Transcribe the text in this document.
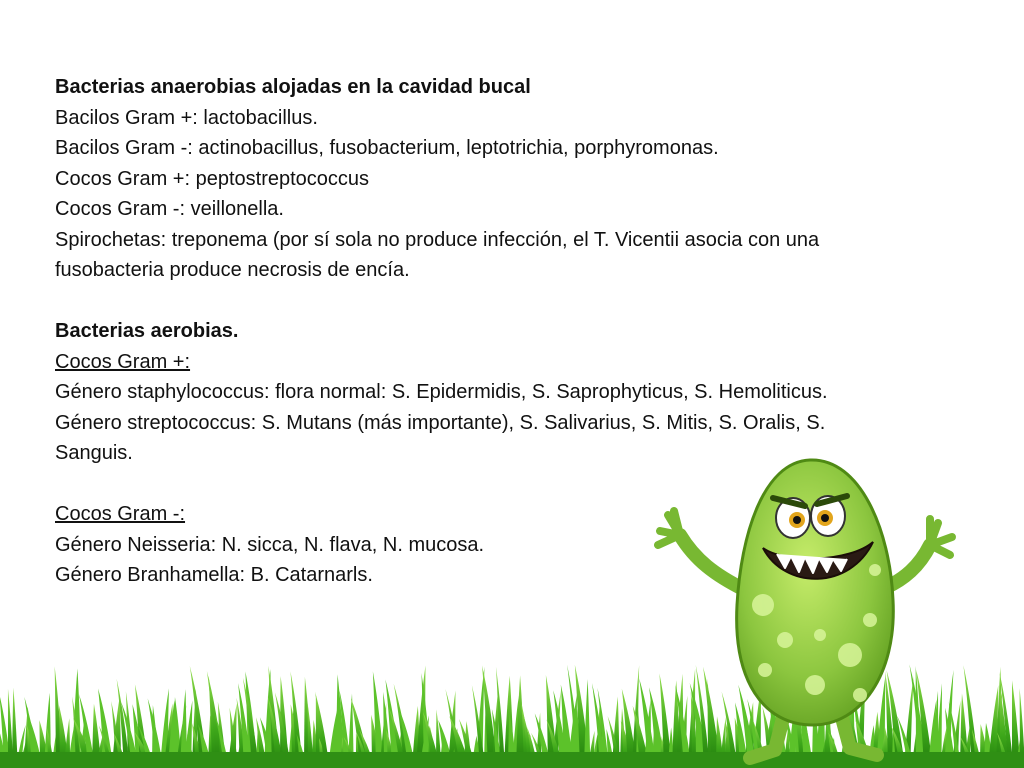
Bacterias anaerobias alojadas en la cavidad bucal

Bacilos Gram +: lactobacillus.

Bacilos Gram -: actinobacillus, fusobacterium, leptotrichia, porphyromonas.

Cocos Gram +: peptostreptococcus

Cocos Gram -: veillonella.

Spirochetas: treponema (por sí sola no produce infección, el T. Vicentii asocia con una

fusobacteria produce necrosis de encía.

Bacterias aerobias.

Cocos Gram +:

Género staphylococcus: flora normal: S. Epidermidis, S. Saprophyticus, S. Hemoliticus.

Género streptococcus: S. Mutans (más importante), S. Salivarius, S. Mitis, S. Oralis, S.

Sanguis.

Cocos Gram -:

Género Neisseria: N. sicca, N. flava, N. mucosa.

Género Branhamella: B. Catarnarls.
